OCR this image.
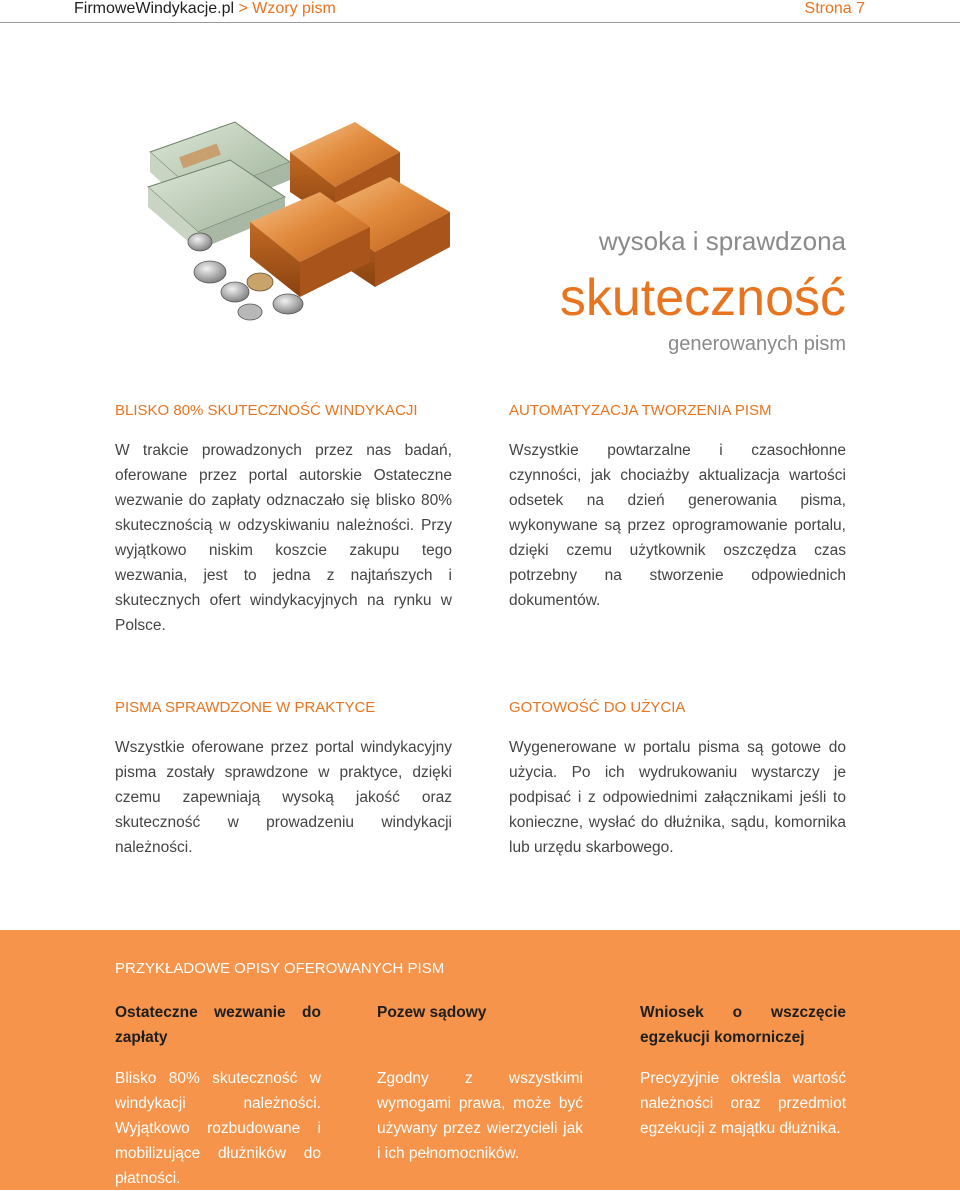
FirmoweWindykacje.pl > Wzory pism	Strona 7
wysoka i sprawdzona
skuteczność
generowanych pism
BLISKO 80% SKUTECZNOŚĆ WINDYKACJI
W trakcie prowadzonych przez nas badań, oferowane przez portal autorskie Ostateczne wezwanie do zapłaty odznaczało się blisko 80% skutecznością w odzyskiwaniu należności. Przy wyjątkowo niskim koszcie zakupu tego wezwania, jest to jedna z najtańszych i skutecznych ofert windykacyjnych na rynku w Polsce.
AUTOMATYZACJA TWORZENIA PISM
Wszystkie powtarzalne i czasochłonne czynności, jak chociażby aktualizacja wartości odsetek na dzień generowania pisma, wykonywane są przez oprogramowanie portalu, dzięki czemu użytkownik oszczędza czas potrzebny na stworzenie odpowiednich dokumentów.
PISMA SPRAWDZONE W PRAKTYCE
Wszystkie oferowane przez portal windykacyjny pisma zostały sprawdzone w praktyce, dzięki czemu zapewniają wysoką jakość oraz skuteczność w prowadzeniu windykacji należności.
GOTOWOŚĆ DO UŻYCIA
Wygenerowane w portalu pisma są gotowe do użycia. Po ich wydrukowaniu wystarczy je podpisać i z odpowiednimi załącznikami jeśli to konieczne, wysłać do dłużnika, sądu, komornika lub urzędu skarbowego.
PRZYKŁADOWE OPISY OFEROWANYCH PISM
Ostateczne wezwanie do zapłaty
Blisko 80% skuteczność w windykacji należności. Wyjątkowo rozbudowane i mobilizujące dłużników do płatności.
Pozew sądowy
Zgodny z wszystkimi wymogami prawa, może być używany przez wierzycieli jak i ich pełnomocników.
Wniosek o wszczęcie egzekucji komorniczej
Precyzyjnie określa wartość należności oraz przedmiot egzekucji z majątku dłużnika.
